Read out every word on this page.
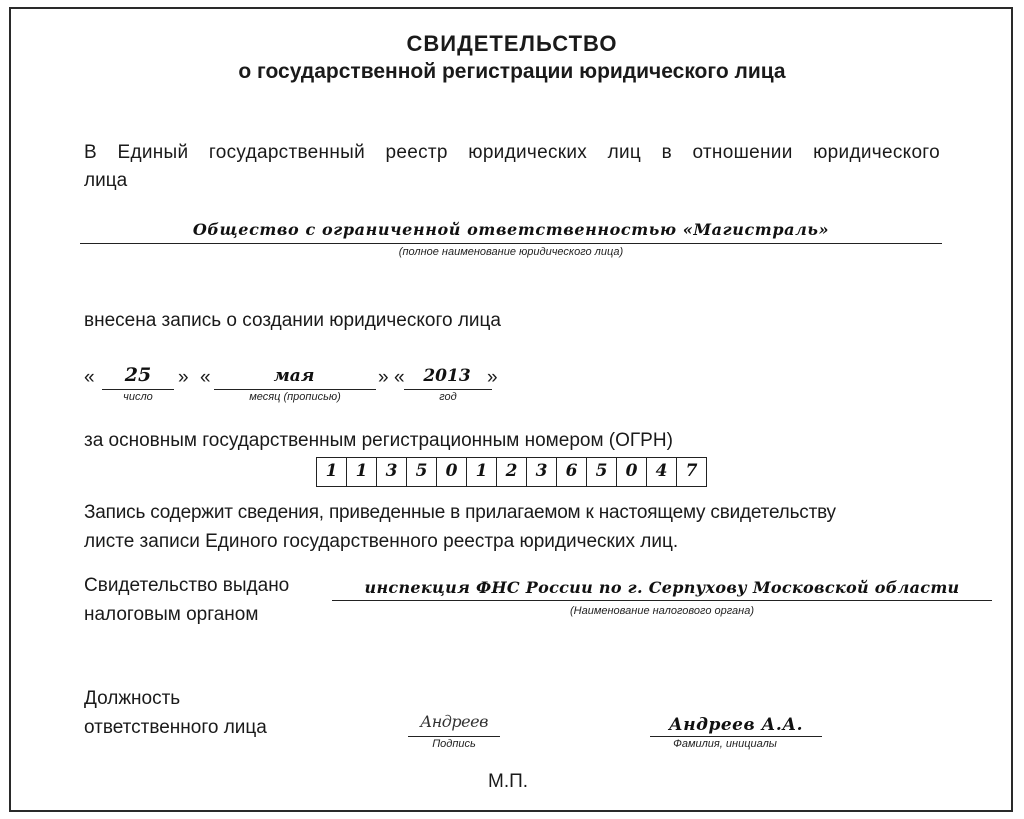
СВИДЕТЕЛЬСТВО
о государственной регистрации юридического лица
В Единый государственный реестр юридических лиц в отношении юридического
лица
Общество с ограниченной ответственностью «Магистраль»
(полное наименование юридического лица)
внесена запись о создании юридического лица
«	25
число
» «	мая
месяц (прописью)
» «	2013
год
»
за основным государственным регистрационным номером (ОГРН)
1	1	3	5	0	1	2	3	6	5	0	4	7
Запись содержит сведения, приведенные в прилагаемом к настоящему свидетельству
листе записи Единого государственного реестра юридических лиц.
Свидетельство выдано
налоговым органом
инспекция ФНС России по г. Серпухову Московской области
(Наименование налогового органа)
Должность
ответственного лица	Андреев
Подпись
Андреев А.А.
Фамилия, инициалы
М.П.
